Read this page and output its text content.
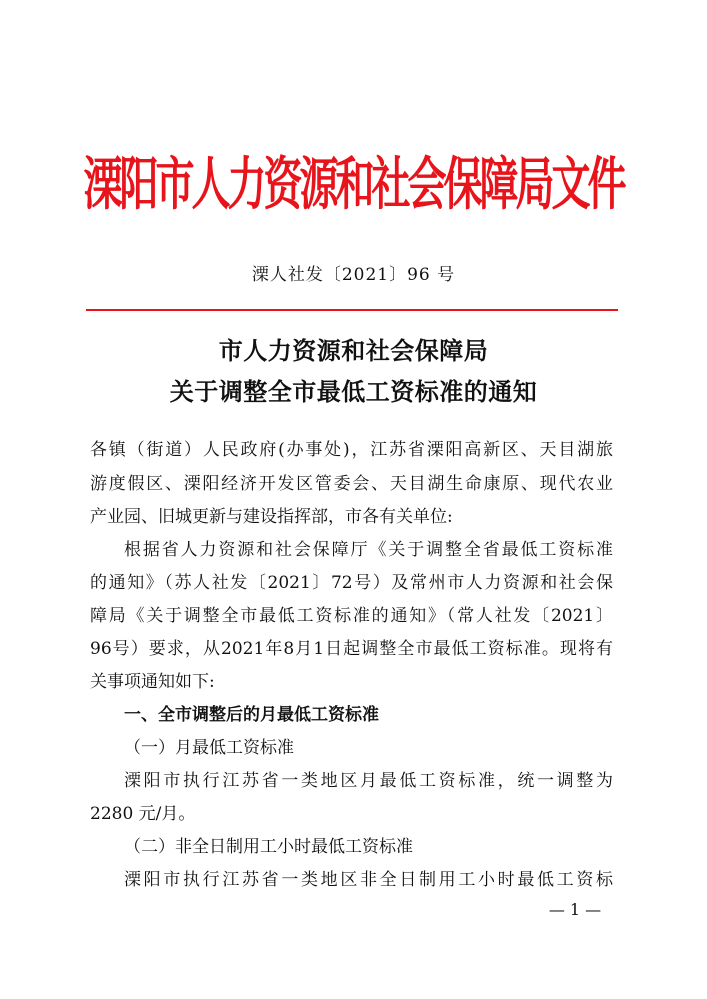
溧阳市人力资源和社会保障局文件
溧人社发〔2021〕96 号
市人力资源和社会保障局
关于调整全市最低工资标准的通知
各镇（街道）人民政府(办事处)，江苏省溧阳高新区、天目湖旅
游度假区、溧阳经济开发区管委会、天目湖生命康原、现代农业
产业园、旧城更新与建设指挥部，市各有关单位:
根据省人力资源和社会保障厅《关于调整全省最低工资标准
的通知》（苏人社发〔2021〕72号）及常州市人力资源和社会保
障局《关于调整全市最低工资标准的通知》（常人社发〔2021〕
96号）要求，从2021年8月1日起调整全市最低工资标准。现将有
关事项通知如下:
一、全市调整后的月最低工资标准
（一）月最低工资标准
溧阳市执行江苏省一类地区月最低工资标准，统一调整为
2280 元/月。
（二）非全日制用工小时最低工资标准
溧阳市执行江苏省一类地区非全日制用工小时最低工资标
— 1 —
